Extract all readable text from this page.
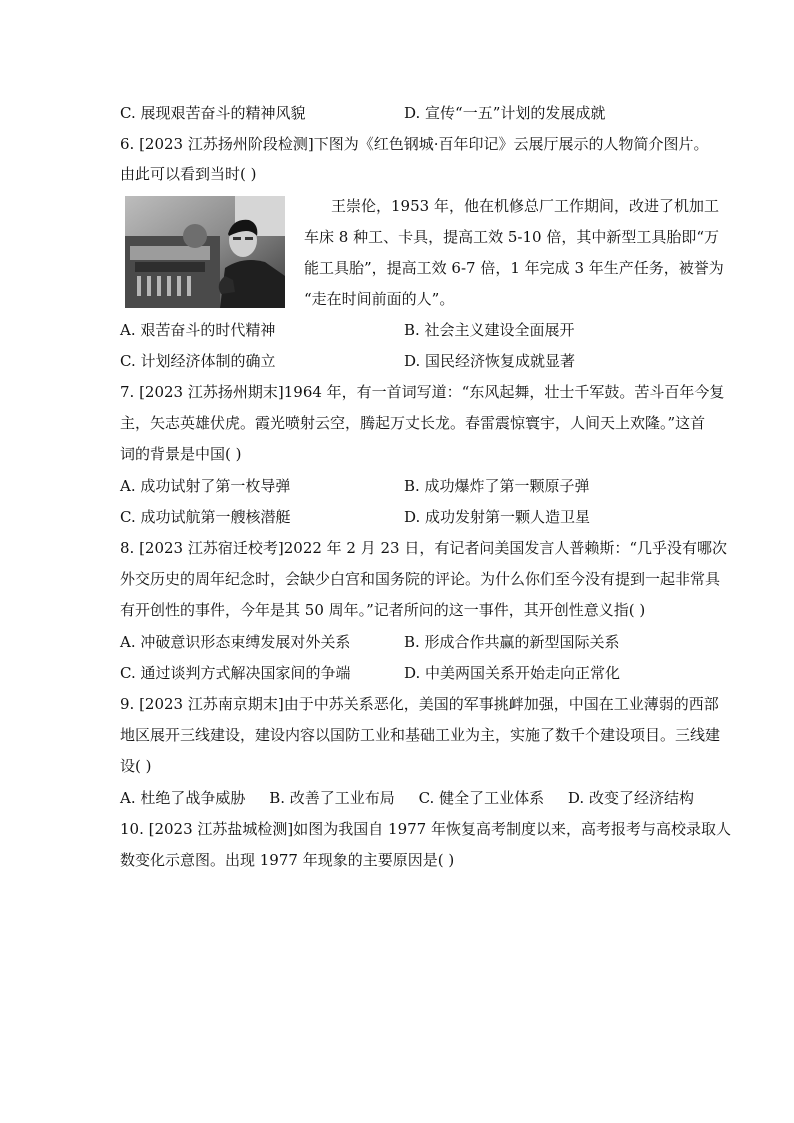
C. 展现艰苦奋斗的精神风貌	D. 宣传“一五”计划的发展成就
6. [2023 江苏扬州阶段检测]下图为《红色钢城·百年印记》云展厅展示的人物简介图片。
由此可以看到当时( )
王崇伦，1953 年，他在机修总厂工作期间，改进了机加工
车床 8 种工、卡具，提高工效 5-10 倍，其中新型工具胎即“万
能工具胎”，提高工效 6-7 倍，1 年完成 3 年生产任务，被誉为
“走在时间前面的人”。
A. 艰苦奋斗的时代精神	B. 社会主义建设全面展开
C. 计划经济体制的确立	D. 国民经济恢复成就显著
7. [2023 江苏扬州期末]1964 年，有一首词写道：“东风起舞，壮士千军鼓。苦斗百年今复
主，矢志英雄伏虎。霞光喷射云空，腾起万丈长龙。春雷震惊寰宇，人间天上欢隆。”这首
词的背景是中国( )
A. 成功试射了第一枚导弹	B. 成功爆炸了第一颗原子弹
C. 成功试航第一艘核潜艇	D. 成功发射第一颗人造卫星
8. [2023 江苏宿迁校考]2022 年 2 月 23 日，有记者问美国发言人普赖斯：“几乎没有哪次
外交历史的周年纪念时，会缺少白宫和国务院的评论。为什么你们至今没有提到一起非常具
有开创性的事件，今年是其 50 周年。”记者所问的这一事件，其开创性意义指( )
A. 冲破意识形态束缚发展对外关系	B. 形成合作共赢的新型国际关系
C. 通过谈判方式解决国家间的争端	D. 中美两国关系开始走向正常化
9. [2023 江苏南京期末]由于中苏关系恶化，美国的军事挑衅加强，中国在工业薄弱的西部
地区展开三线建设，建设内容以国防工业和基础工业为主，实施了数千个建设项目。三线建
设( )
A. 杜绝了战争威胁     B. 改善了工业布局     C. 健全了工业体系     D. 改变了经济结构
10. [2023 江苏盐城检测]如图为我国自 1977 年恢复高考制度以来，高考报考与高校录取人
数变化示意图。出现 1977 年现象的主要原因是( )
